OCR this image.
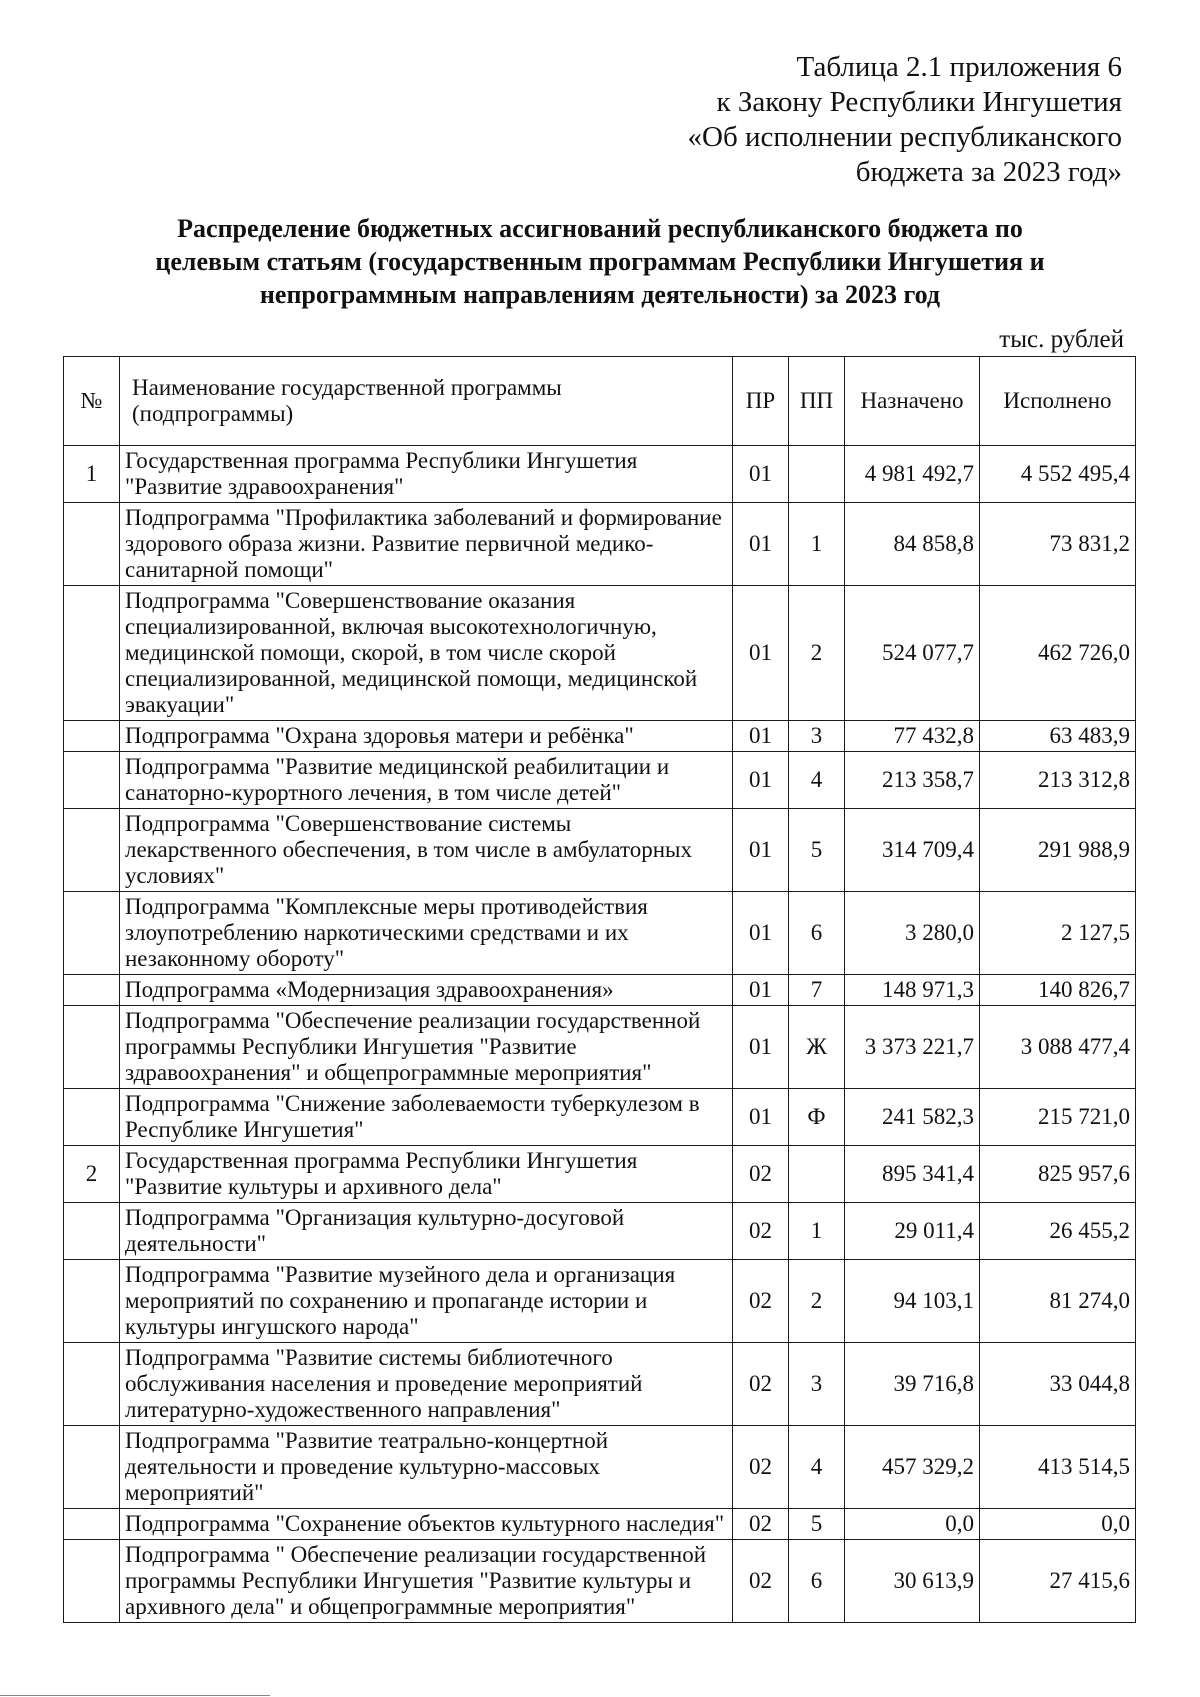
Таблица 2.1 приложения 6
к Закону Республики Ингушетия
«Об исполнении республиканского
бюджета за 2023 год»
Распределение бюджетных ассигнований республиканского бюджета по
целевым статьям (государственным программам Республики Ингушетия и
непрограммным направлениям деятельности) за 2023 год
тыс. рублей
№	Наименование государственной программы (подпрограммы)	ПР	ПП	Назначено	Исполнено
1	Государственная программа Республики Ингушетия "Развитие здравоохранения"	01		4 981 492,7	4 552 495,4
	Подпрограмма "Профилактика заболеваний и формирование здорового образа жизни. Развитие первичной медико-санитарной помощи"	01	1	84 858,8	73 831,2
	Подпрограмма "Совершенствование оказания специализированной, включая высокотехнологичную, медицинской помощи, скорой, в том числе скорой специализированной, медицинской помощи, медицинской эвакуации"	01	2	524 077,7	462 726,0
	Подпрограмма "Охрана здоровья матери и ребёнка"	01	3	77 432,8	63 483,9
	Подпрограмма "Развитие медицинской реабилитации и санаторно-курортного лечения, в том числе детей"	01	4	213 358,7	213 312,8
	Подпрограмма "Совершенствование системы лекарственного обеспечения, в том числе в амбулаторных условиях"	01	5	314 709,4	291 988,9
	Подпрограмма "Комплексные меры противодействия злоупотреблению наркотическими средствами и их незаконному обороту"	01	6	3 280,0	2 127,5
	Подпрограмма «Модернизация здравоохранения»	01	7	148 971,3	140 826,7
	Подпрограмма "Обеспечение реализации государственной программы Республики Ингушетия "Развитие здравоохранения" и общепрограммные мероприятия"	01	Ж	3 373 221,7	3 088 477,4
	Подпрограмма "Снижение заболеваемости туберкулезом в Республике Ингушетия"	01	Ф	241 582,3	215 721,0
2	Государственная программа Республики Ингушетия "Развитие культуры и архивного дела"	02		895 341,4	825 957,6
	Подпрограмма "Организация культурно-досуговой деятельности"	02	1	29 011,4	26 455,2
	Подпрограмма "Развитие музейного дела и организация мероприятий по сохранению и пропаганде истории и культуры ингушского народа"	02	2	94 103,1	81 274,0
	Подпрограмма "Развитие системы библиотечного обслуживания населения и проведение мероприятий литературно-художественного направления"	02	3	39 716,8	33 044,8
	Подпрограмма "Развитие театрально-концертной деятельности и проведение культурно-массовых мероприятий"	02	4	457 329,2	413 514,5
	Подпрограмма "Сохранение объектов культурного наследия"	02	5	0,0	0,0
	Подпрограмма " Обеспечение реализации государственной программы Республики Ингушетия "Развитие культуры и архивного дела" и общепрограммные мероприятия"	02	6	30 613,9	27 415,6
